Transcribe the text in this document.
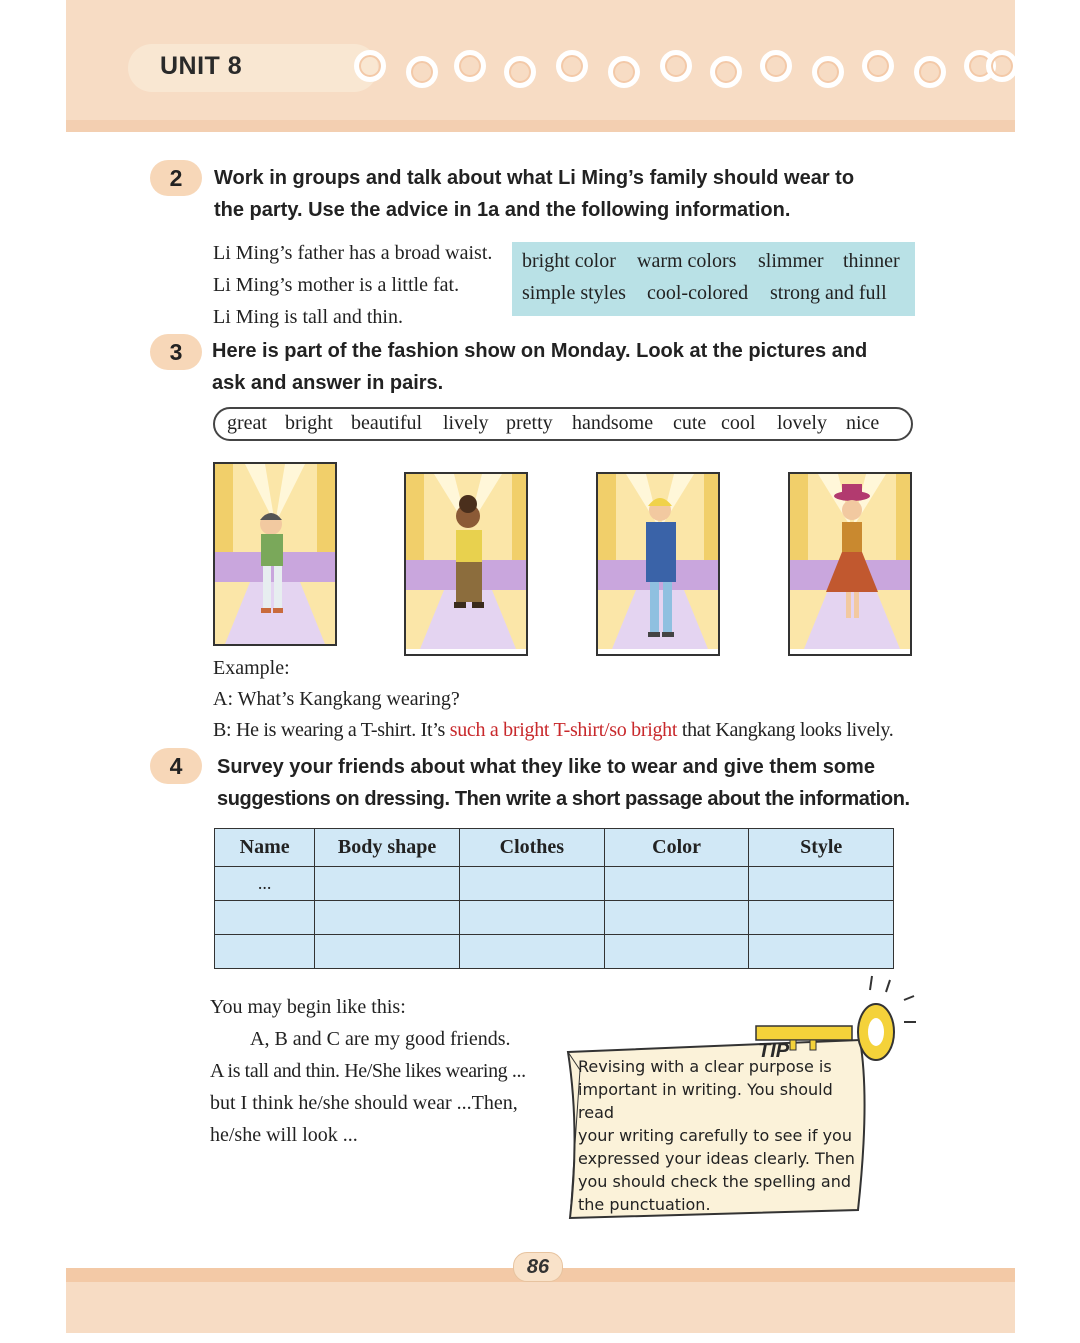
UNIT 8
2	Work in groups and talk about what Li Ming’s family should wear to
the party. Use the advice in 1a and the following information.
Li Ming’s father has a broad waist.
Li Ming’s mother is a little fat.
Li Ming is tall and thin.
bright color warm colors slimmer thinner
simple styles cool-colored strong and full
3	Here is part of the fashion show on Monday. Look at the pictures and
ask and answer in pairs.
great bright beautiful lively pretty handsome cute cool lovely nice
Example:
A: What’s Kangkang wearing?
B: He is wearing a T-shirt. It’s such a bright T-shirt/so bright that Kangkang looks lively.
4	Survey your friends about what they like to wear and give them some
suggestions on dressing. Then write a short passage about the information.
Name	Body shape	Clothes	Color	Style
...				

You may begin like this:
A, B and C are my good friends.
A is tall and thin. He/She likes wearing ...
but I think he/she should wear ...Then,
he/she will look ...
TIP
Revising with a clear purpose is
important in writing. You should read
your writing carefully to see if you
expressed your ideas clearly. Then
you should check the spelling and
the punctuation.
86
